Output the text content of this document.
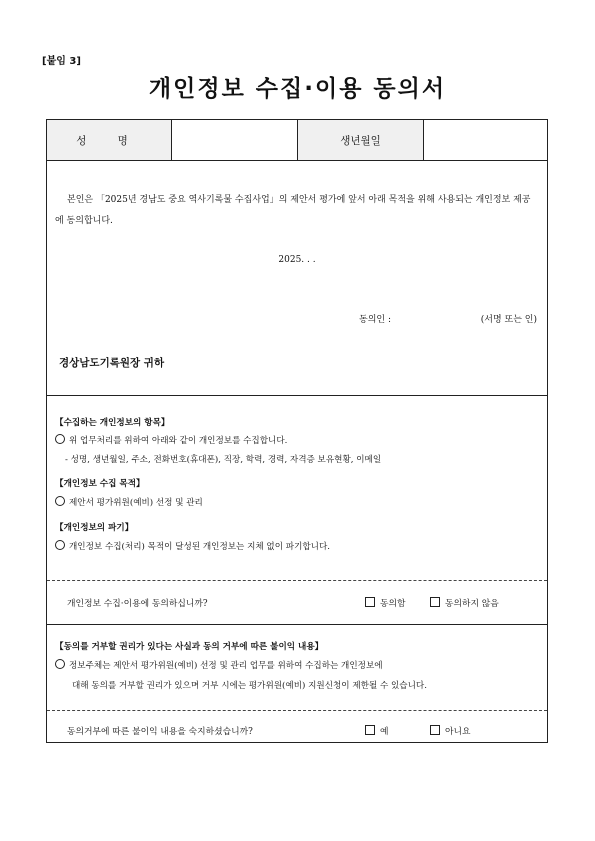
[붙임 3]
개인정보 수집·이용 동의서
성 명	생년월일
본인은 「2025년 경남도 중요 역사기록물 수집사업」의 제안서 평가에 앞서 아래 목적을 위해 사용되는 개인정보 제공에 동의합니다.
2025. . .
동의인 :	(서명 또는 인)
경상남도기록원장 귀하
【수집하는 개인정보의 항목】
위 업무처리를 위하여 아래와 같이 개인정보를 수집합니다.
- 성명, 생년월일, 주소, 전화번호(휴대폰), 직장, 학력, 경력, 자격증 보유현황, 이메일
【개인정보 수집 목적】
제안서 평가위원(예비) 선정 및 관리
【개인정보의 파기】
개인정보 수집(처리) 목적이 달성된 개인정보는 지체 없이 파기합니다.
개인정보 수집·이용에 동의하십니까?	동의함	동의하지 않음
【동의를 거부할 권리가 있다는 사실과 동의 거부에 따른 불이익 내용】
정보주체는 제안서 평가위원(예비) 선정 및 관리 업무를 위하여 수집하는 개인정보에
대해 동의를 거부할 권리가 있으며 거부 시에는 평가위원(예비) 지원신청이 제한될 수 있습니다.
동의거부에 따른 불이익 내용을 숙지하셨습니까?	예	아니요
